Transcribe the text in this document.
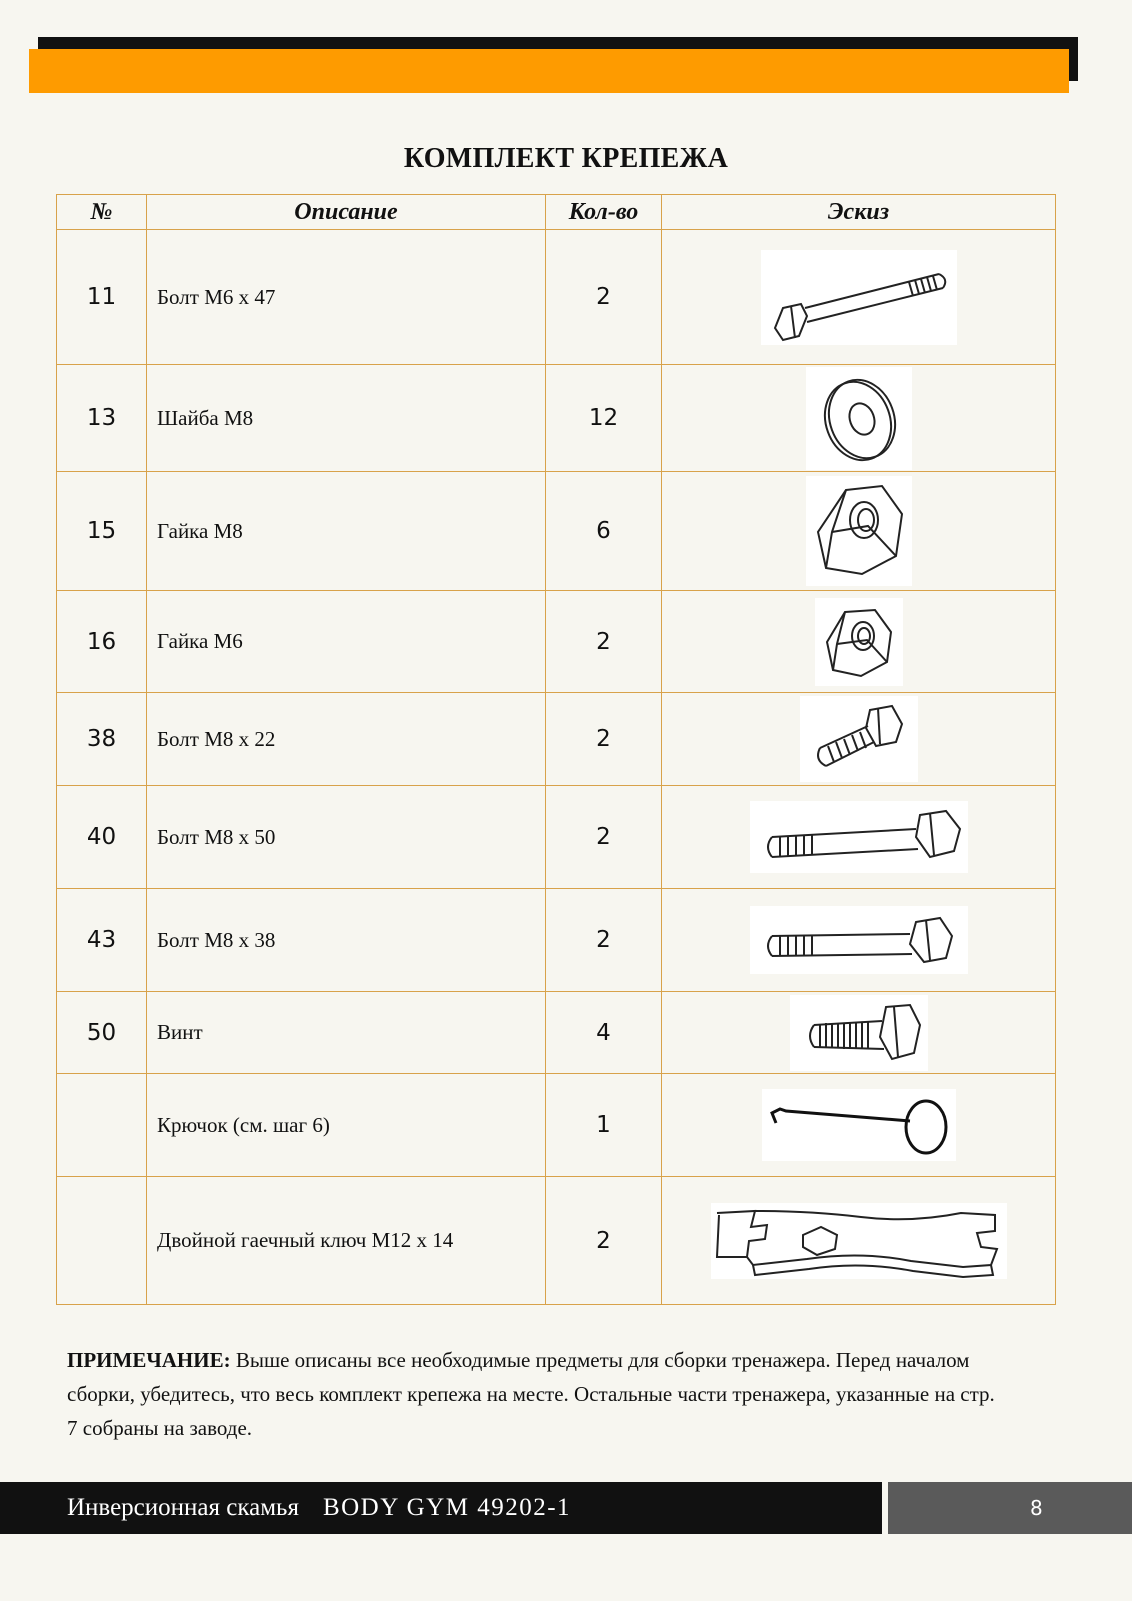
КОМПЛЕКТ КРЕПЕЖА
№	Описание	Кол-во	Эскиз
11	Болт М6 х 47	2	

13	Шайба М8	12	

15	Гайка М8	6	

16	Гайка М6	2	

38	Болт М8 х 22	2	

40	Болт М8 х 50	2	

43	Болт М8 х 38	2	

50	Винт	4	

	Крючок (см. шаг 6)	1	

	Двойной гаечный ключ М12 х 14	2	
ПРИМЕЧАНИЕ: Выше описаны все необходимые предметы для сборки тренажера. Перед началом сборки, убедитесь, что весь комплект крепежа на месте. Остальные части тренажера, указанные на стр. 7 собраны на заводе.
Инверсионная скамья BODY GYM 49202-1	8
